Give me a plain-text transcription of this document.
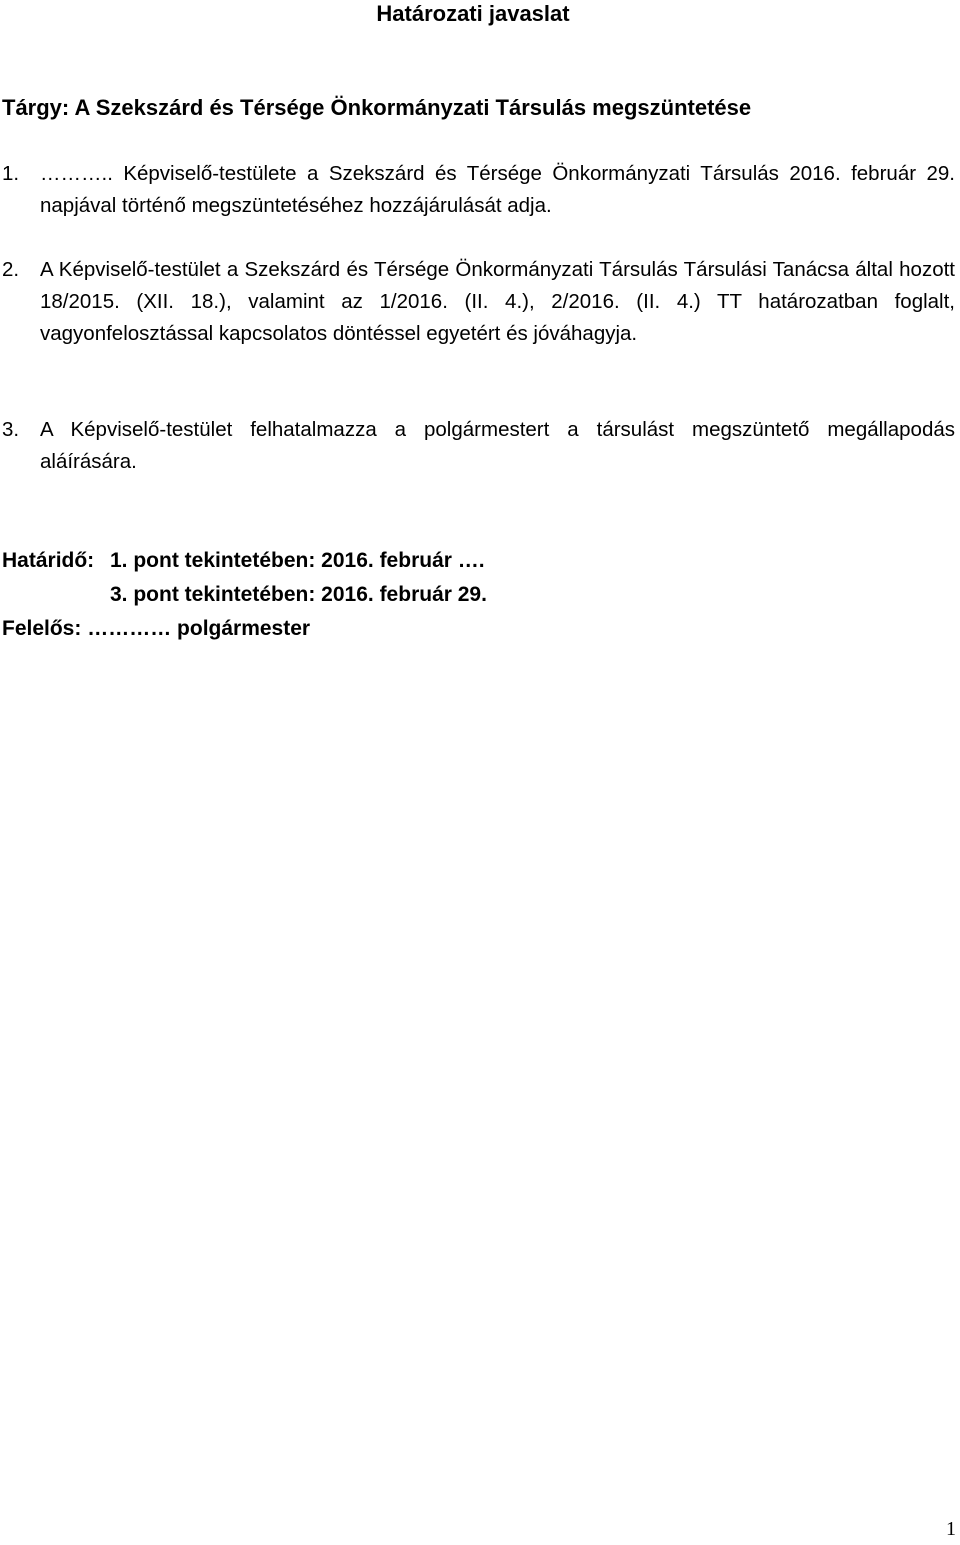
Határozati javaslat
Tárgy: A Szekszárd és Térsége Önkormányzati Társulás megszüntetése
1. ……….. Képviselő-testülete a Szekszárd és Térsége Önkormányzati Társulás 2016. február 29. napjával történő megszüntetéséhez hozzájárulását adja.
2. A Képviselő-testület a Szekszárd és Térsége Önkormányzati Társulás Társulási Tanácsa által hozott 18/2015. (XII. 18.), valamint az 1/2016. (II. 4.), 2/2016. (II. 4.) TT határozatban foglalt, vagyonfelosztással kapcsolatos döntéssel egyetért és jóváhagyja.
3. A Képviselő-testület felhatalmazza a polgármestert a társulást megszüntető megállapodás aláírására.
Határidő: 1. pont tekintetében: 2016. február ….
3. pont tekintetében: 2016. február 29.
Felelős: ………… polgármester
1
